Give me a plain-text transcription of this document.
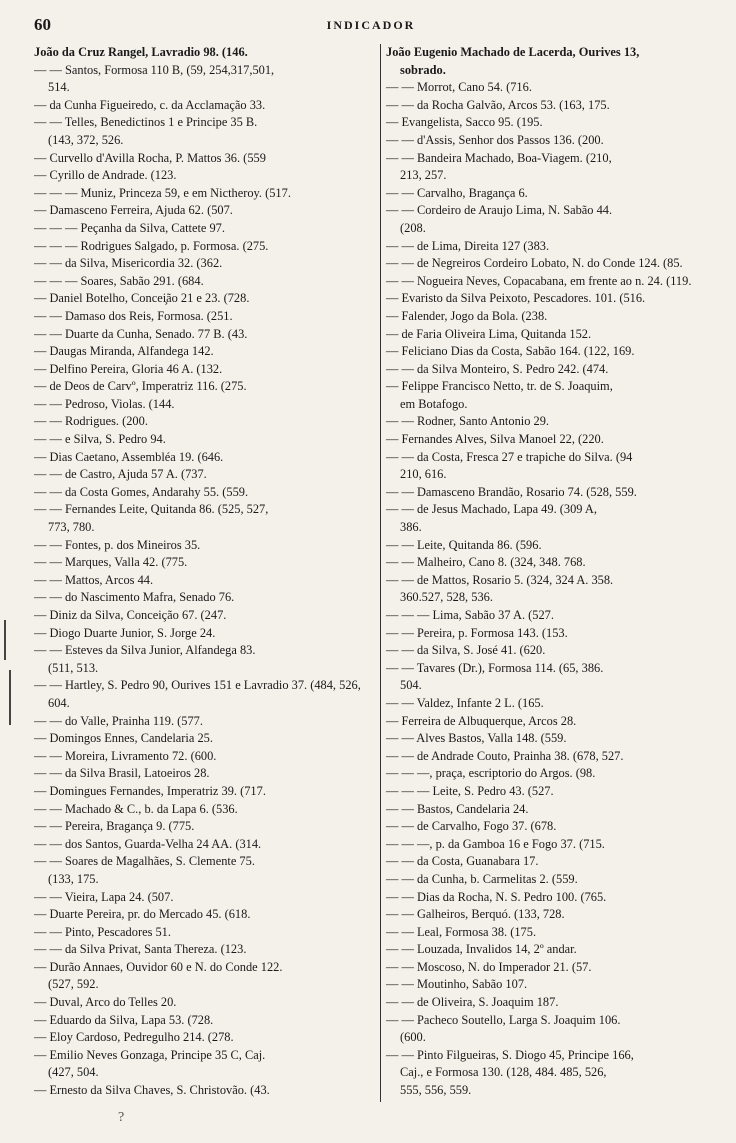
60	INDICADOR
João da Cruz Rangel, Lavradio 98. (146.
— — Santos, Formosa 110 B, (59, 254,317,501,
514.
— da Cunha Figueiredo, c. da Acclamação 33.
— — Telles, Benedictinos 1 e Principe 35 B.
(143, 372, 526.
— Curvello d'Avilla Rocha, P. Mattos 36. (559
— Cyrillo de Andrade. (123.
— — — Muniz, Princeza 59, e em Nictheroy. (517.
— Damasceno Ferreira, Ajuda 62. (507.
— — — Peçanha da Silva, Cattete 97.
— — — Rodrigues Salgado, p. Formosa. (275.
— — da Silva, Misericordia 32. (362.
— — — Soares, Sabão 291. (684.
— Daniel Botelho, Concei̧ão 21 e 23. (728.
— — Damaso dos Reis, Formosa. (251.
— — Duarte da Cunha, Senado. 77 B. (43.
— Daugas Miranda, Alfandega 142.
— Delfino Pereira, Gloria 46 A. (132.
— de Deos de Carvº, Imperatriz 116. (275.
— — Pedroso, Violas. (144.
— — Rodrigues. (200.
— — e Silva, S. Pedro 94.
— Dias Caetano, Assembléa 19. (646.
— — de Castro, Ajuda 57 A. (737.
— — da Costa Gomes, Andarahy 55. (559.
— — Fernandes Leite, Quitanda 86. (525, 527,
773, 780.
— — Fontes, p. dos Mineiros 35.
— — Marques, Valla 42. (775.
— — Mattos, Arcos 44.
— — do Nascimento Mafra, Senado 76.
— Diniz da Silva, Conceição 67. (247.
— Diogo Duarte Junior, S. Jorge 24.
— — Esteves da Silva Junior, Alfandega 83.
(511, 513.
— — Hartley, S. Pedro 90, Ourives 151 e Lavradio 37. (484, 526, 604.
— — do Valle, Prainha 119. (577.
— Domingos Ennes, Candelaria 25.
— — Moreira, Livramento 72. (600.
— — da Silva Brasil, Latoeiros 28.
— Domingues Fernandes, Imperatriz 39. (717.
— — Machado & C., b. da Lapa 6. (536.
— — Pereira, Bragança 9. (775.
— — dos Santos, Guarda-Velha 24 AA. (314.
— — Soares de Magalhães, S. Clemente 75.
(133, 175.
— — Vieira, Lapa 24. (507.
— Duarte Pereira, pr. do Mercado 45. (618.
— — Pinto, Pescadores 51.
— — da Silva Privat, Santa Thereza. (123.
— Durão Annaes, Ouvidor 60 e N. do Conde 122.
(527, 592.
— Duval, Arco do Telles 20.
— Eduardo da Silva, Lapa 53. (728.
— Eloy Cardoso, Pedregulho 214. (278.
— Emilio Neves Gonzaga, Principe 35 C, Caj.
(427, 504.
— Ernesto da Silva Chaves, S. Christovão. (43.
João Eugenio Machado de Lacerda, Ourives 13,
sobrado.
— — Morrot, Cano 54. (716.
— — da Rocha Galvão, Arcos 53. (163, 175.
— Evangelista, Sacco 95. (195.
— — d'Assis, Senhor dos Passos 136. (200.
— — Bandeira Machado, Boa-Viagem. (210,
213, 257.
— — Carvalho, Bragança 6.
— — Cordeiro de Araujo Lima, N. Sabão 44.
(208.
— — de Lima, Direita 127 (383.
— — de Negreiros Cordeiro Lobato, N. do Conde 124. (85.
— — Nogueira Neves, Copacabana, em frente ao n. 24. (119.
— Evaristo da Silva Peixoto, Pescadores. 101. (516.
— Falender, Jogo da Bola. (238.
— de Faria Oliveira Lima, Quitanda 152.
— Feliciano Dias da Costa, Sabão 164. (122, 169.
— — da Silva Monteiro, S. Pedro 242. (474.
— Felippe Francisco Netto, tr. de S. Joaquim,
em Botafogo.
— — Rodner, Santo Antonio 29.
— Fernandes Alves, Silva Manoel 22, (220.
— — da Costa, Fresca 27 e trapiche do Silva. (94
210, 616.
— — Damasceno Brandão, Rosario 74. (528, 559.
— — de Jesus Machado, Lapa 49. (309 A,
386.
— — Leite, Quitanda 86. (596.
— — Malheiro, Cano 8. (324, 348. 768.
— — de Mattos, Rosario 5. (324, 324 A. 358.
360.527, 528, 536.
— — — Lima, Sabão 37 A. (527.
— — Pereira, p. Formosa 143. (153.
— — da Silva, S. José 41. (620.
— — Tavares (Dr.), Formosa 114. (65, 386.
504.
— — Valdez, Infante 2 L. (165.
— Ferreira de Albuquerque, Arcos 28.
— — Alves Bastos, Valla 148. (559.
— — de Andrade Couto, Prainha 38. (678, 527.
— — —, praça, escriptorio do Argos. (98.
— — — Leite, S. Pedro 43. (527.
— — Bastos, Candelaria 24.
— — de Carvalho, Fogo 37. (678.
— — —, p. da Gamboa 16 e Fogo 37. (715.
— — da Costa, Guanabara 17.
— — da Cunha, b. Carmelitas 2. (559.
— — Dias da Rocha, N. S. Pedro 100. (765.
— — Galheiros, Berquó. (133, 728.
— — Leal, Formosa 38. (175.
— — Louzada, Invalidos 14, 2º andar.
— — Moscoso, N. do Imperador 21. (57.
— — Moutinho, Sabão 107.
— — de Oliveira, S. Joaquim 187.
— — Pacheco Soutello, Larga S. Joaquim 106.
(600.
— — Pinto Filgueiras, S. Diogo 45, Principe 166,
Caj., e Formosa 130. (128, 484. 485, 526,
555, 556, 559.
?
